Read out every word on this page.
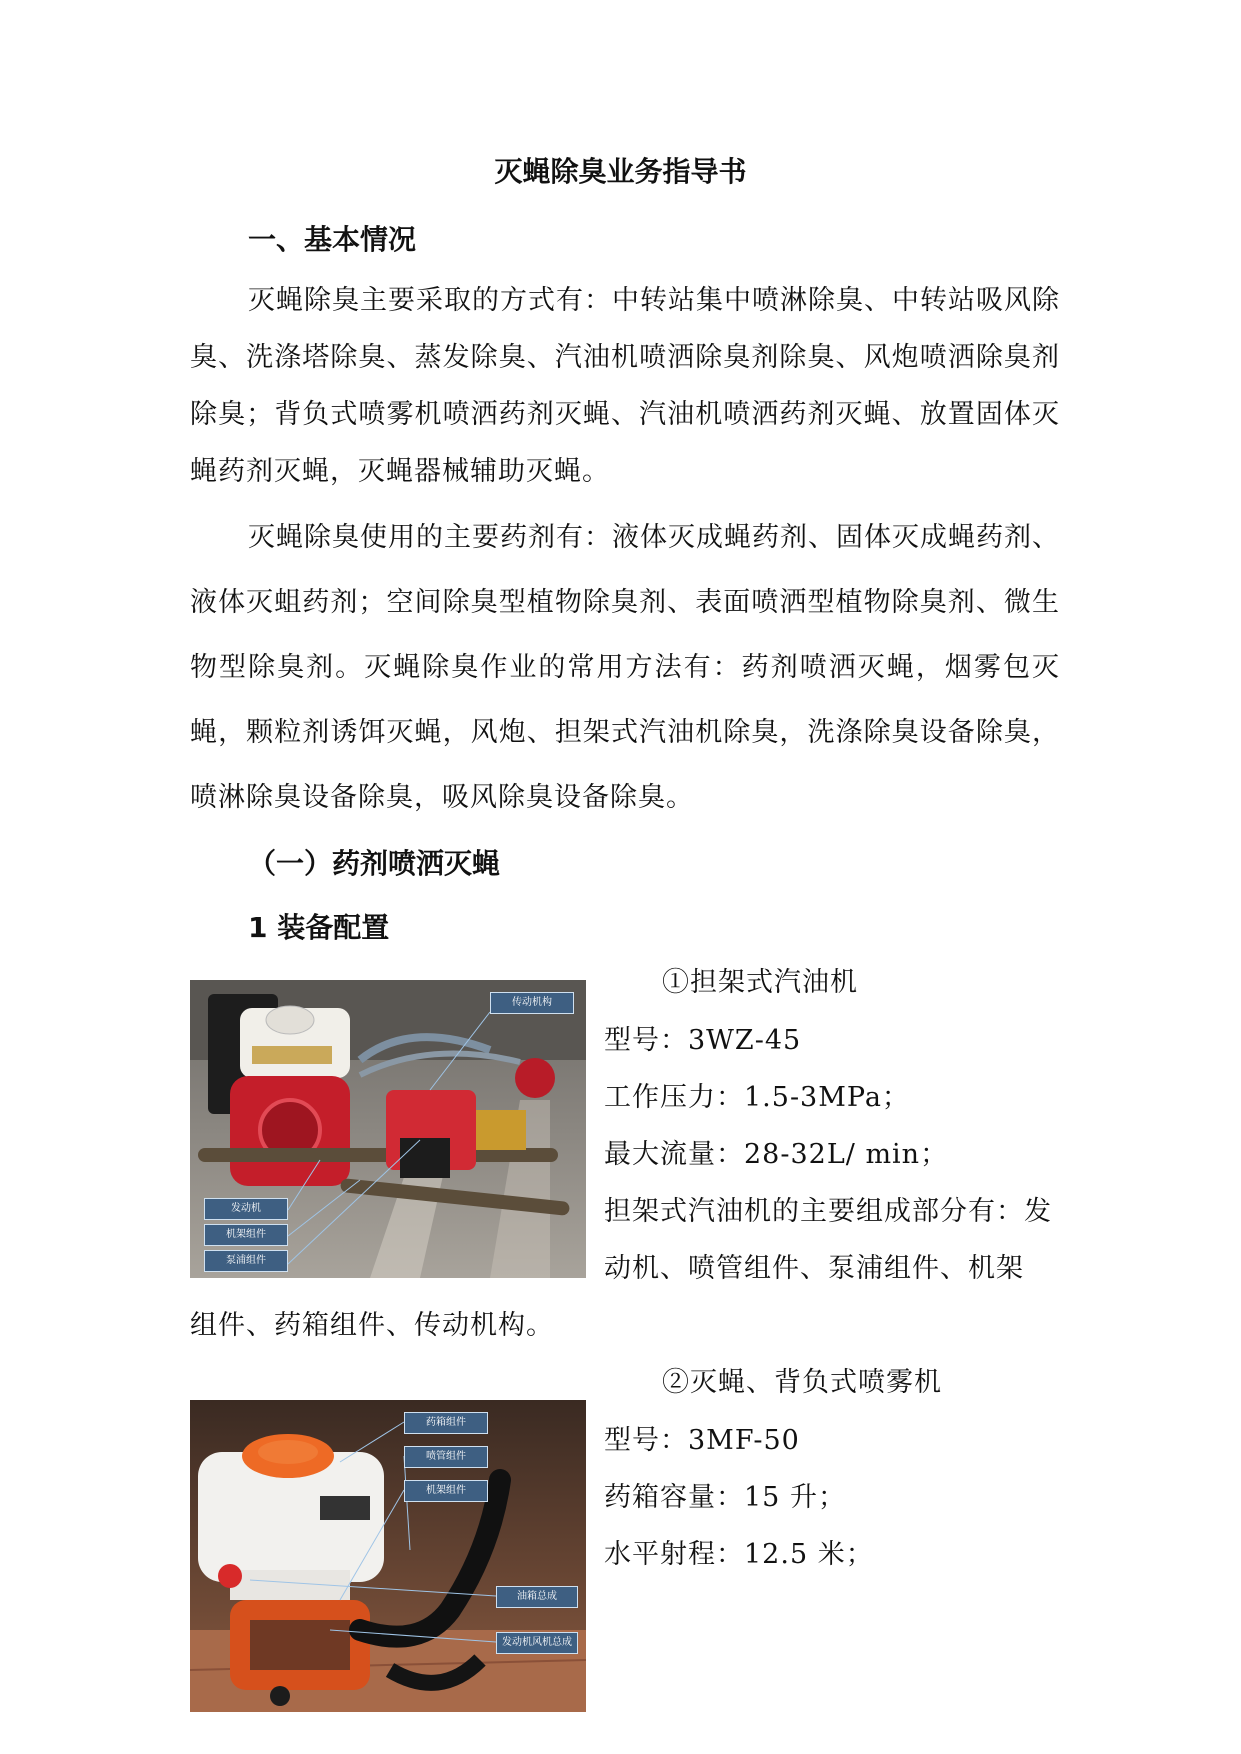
灭蝇除臭业务指导书
一、基本情况

灭蝇除臭主要采取的方式有：中转站集中喷淋除臭、中转站吸风除臭、洗涤塔除臭、蒸发除臭、汽油机喷洒除臭剂除臭、风炮喷洒除臭剂除臭；背负式喷雾机喷洒药剂灭蝇、汽油机喷洒药剂灭蝇、放置固体灭蝇药剂灭蝇，灭蝇器械辅助灭蝇。

灭蝇除臭使用的主要药剂有：液体灭成蝇药剂、固体灭成蝇药剂、液体灭蛆药剂；空间除臭型植物除臭剂、表面喷洒型植物除臭剂、微生物型除臭剂。灭蝇除臭作业的常用方法有：药剂喷洒灭蝇，烟雾包灭蝇，颗粒剂诱饵灭蝇，风炮、担架式汽油机除臭，洗涤除臭设备除臭，喷淋除臭设备除臭，吸风除臭设备除臭。

（一）药剂喷洒灭蝇
1 装备配置
传动机构
发动机
机架组件
泵浦组件
①担架式汽油机
型号：3WZ-45
工作压力：1.5-3MPa；
最大流量：28-32L/ min；
担架式汽油机的主要组成部分有：发
动机、喷管组件、泵浦组件、机架
组件、药箱组件、传动机构。
药箱组件
喷管组件
机架组件
油箱总成
发动机风机总成
②灭蝇、背负式喷雾机
型号：3MF-50
药箱容量：15 升；
水平射程：12.5 米；
